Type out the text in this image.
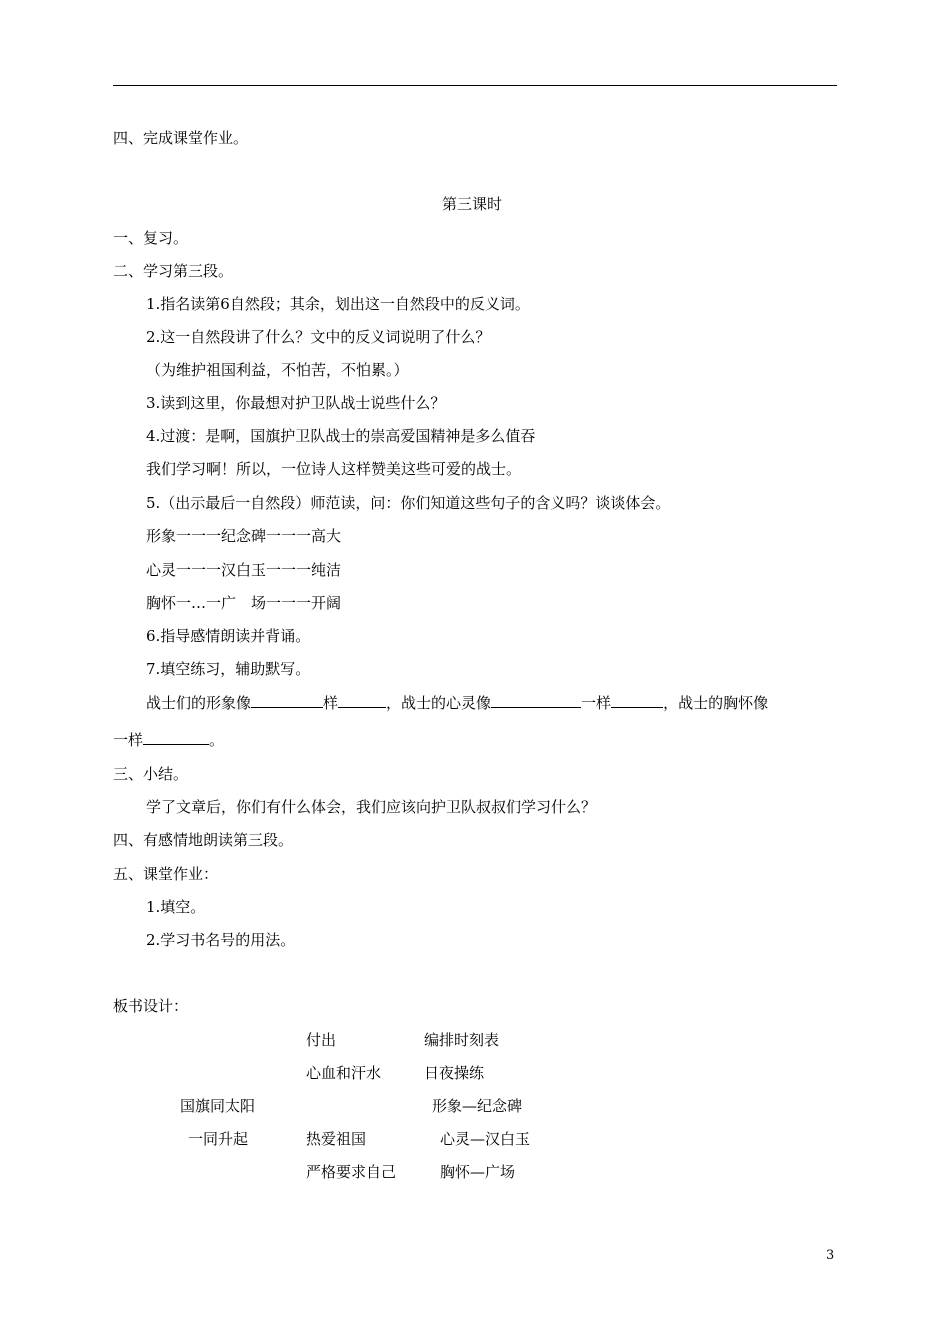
四、完成课堂作业。
第三课时
一、复习。
二、学习第三段。
1.指名读第6自然段；其余，划出这一自然段中的反义词。
2.这一自然段讲了什么？文中的反义词说明了什么？
（为维护祖国利益，不怕苦，不怕累。）
3.读到这里，你最想对护卫队战士说些什么？
4.过渡：是啊，国旗护卫队战士的崇高爱国精神是多么值吞
我们学习啊！所以，一位诗人这样赞美这些可爱的战士。
5.（出示最后一自然段）师范读，问：你们知道这些句子的含义吗？谈谈体会。
形象一一一纪念碑一一一高大
心灵一一一汉白玉一一一纯洁
胸怀一…一广　场一一一开阔
6.指导感情朗读并背诵。
7.填空练习，辅助默写。
战士们的形象像	样	，战士的心灵像	一样	，战士的胸怀像
一样	。
三、小结。
学了文章后，你们有什么体会，我们应该向护卫队叔叔们学习什么？
四、有感情地朗读第三段。
五、课堂作业：
1.填空。
2.学习书名号的用法。
板书设计：
付出	编排时刻表
心血和汗水	日夜操练
国旗同太阳	形象—纪念碑
一同升起	热爱祖国	心灵—汉白玉
严格要求自己	胸怀—广场
3
